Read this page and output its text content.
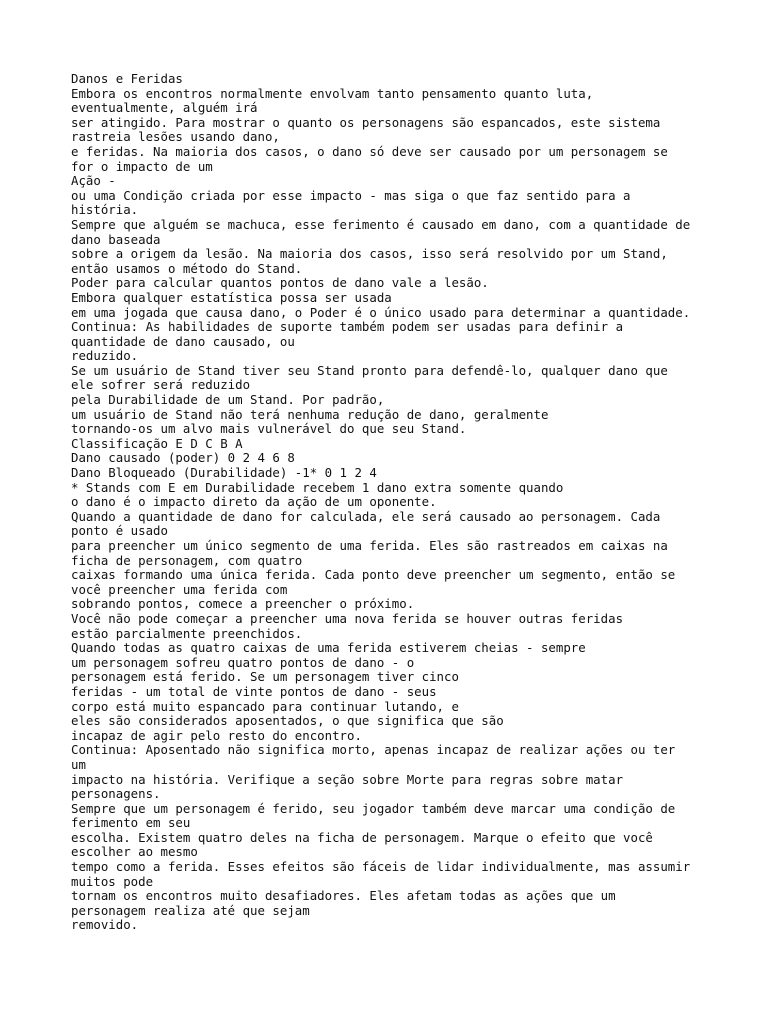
Danos e Feridas
Embora os encontros normalmente envolvam tanto pensamento quanto luta,
eventualmente, alguém irá
ser atingido. Para mostrar o quanto os personagens são espancados, este sistema
rastreia lesões usando dano,
e feridas. Na maioria dos casos, o dano só deve ser causado por um personagem se
for o impacto de um
Ação -
ou uma Condição criada por esse impacto - mas siga o que faz sentido para a
história.
Sempre que alguém se machuca, esse ferimento é causado em dano, com a quantidade de
dano baseada
sobre a origem da lesão. Na maioria dos casos, isso será resolvido por um Stand,
então usamos o método do Stand.
Poder para calcular quantos pontos de dano vale a lesão.
Embora qualquer estatística possa ser usada
em uma jogada que causa dano, o Poder é o único usado para determinar a quantidade.
Continua: As habilidades de suporte também podem ser usadas para definir a
quantidade de dano causado, ou
reduzido.
Se um usuário de Stand tiver seu Stand pronto para defendê-lo, qualquer dano que
ele sofrer será reduzido
pela Durabilidade de um Stand. Por padrão,
um usuário de Stand não terá nenhuma redução de dano, geralmente
tornando-os um alvo mais vulnerável do que seu Stand.
Classificação E D C B A
Dano causado (poder) 0 2 4 6 8
Dano Bloqueado (Durabilidade) -1* 0 1 2 4
* Stands com E em Durabilidade recebem 1 dano extra somente quando
o dano é o impacto direto da ação de um oponente.
Quando a quantidade de dano for calculada, ele será causado ao personagem. Cada
ponto é usado
para preencher um único segmento de uma ferida. Eles são rastreados em caixas na
ficha de personagem, com quatro
caixas formando uma única ferida. Cada ponto deve preencher um segmento, então se
você preencher uma ferida com
sobrando pontos, comece a preencher o próximo.
Você não pode começar a preencher uma nova ferida se houver outras feridas
estão parcialmente preenchidos.
Quando todas as quatro caixas de uma ferida estiverem cheias - sempre
um personagem sofreu quatro pontos de dano - o
personagem está ferido. Se um personagem tiver cinco
feridas - um total de vinte pontos de dano - seus
corpo está muito espancado para continuar lutando, e
eles são considerados aposentados, o que significa que são
incapaz de agir pelo resto do encontro.
Continua: Aposentado não significa morto, apenas incapaz de realizar ações ou ter
um
impacto na história. Verifique a seção sobre Morte para regras sobre matar
personagens.
Sempre que um personagem é ferido, seu jogador também deve marcar uma condição de
ferimento em seu
escolha. Existem quatro deles na ficha de personagem. Marque o efeito que você
escolher ao mesmo
tempo como a ferida. Esses efeitos são fáceis de lidar individualmente, mas assumir
muitos pode
tornam os encontros muito desafiadores. Eles afetam todas as ações que um
personagem realiza até que sejam
removido.
